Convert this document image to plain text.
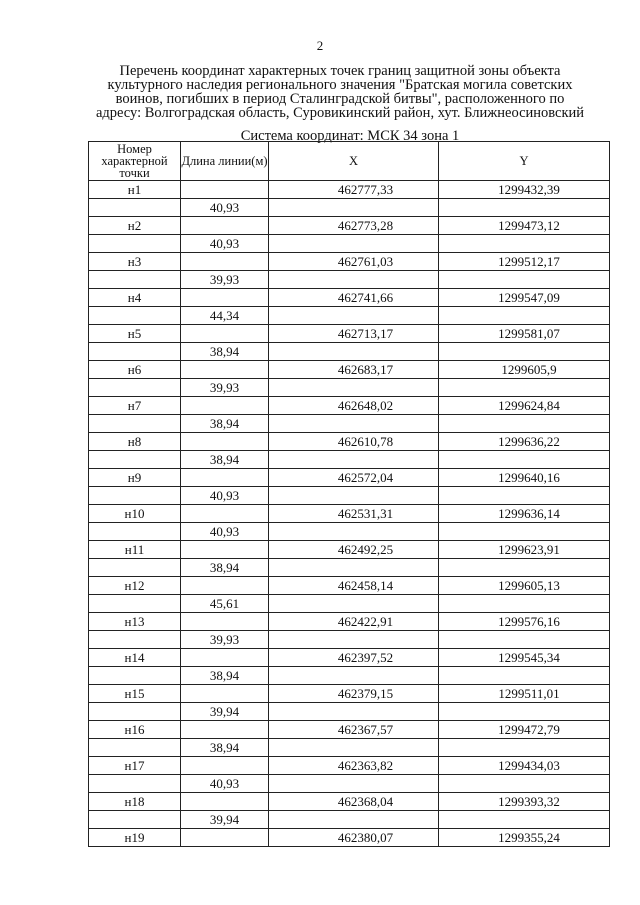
2
Перечень координат характерных точек границ защитной зоны объекта
культурного наследия регионального значения "Братская могила советских
воинов, погибших в период Сталинградской битвы", расположенного по
адресу: Волгоградская область, Суровикинский район, хут. Ближнеосиновский
Система координат: МСК 34 зона 1
Номер характерной точки	Длина линии(м)	X	Y
н1		462777,33	1299432,39
	40,93		
н2		462773,28	1299473,12
	40,93		
н3		462761,03	1299512,17
	39,93		
н4		462741,66	1299547,09
	44,34		
н5		462713,17	1299581,07
	38,94		
н6		462683,17	1299605,9
	39,93		
н7		462648,02	1299624,84
	38,94		
н8		462610,78	1299636,22
	38,94		
н9		462572,04	1299640,16
	40,93		
н10		462531,31	1299636,14
	40,93		
н11		462492,25	1299623,91
	38,94		
н12		462458,14	1299605,13
	45,61		
н13		462422,91	1299576,16
	39,93		
н14		462397,52	1299545,34
	38,94		
н15		462379,15	1299511,01
	39,94		
н16		462367,57	1299472,79
	38,94		
н17		462363,82	1299434,03
	40,93		
н18		462368,04	1299393,32
	39,94		
н19		462380,07	1299355,24
